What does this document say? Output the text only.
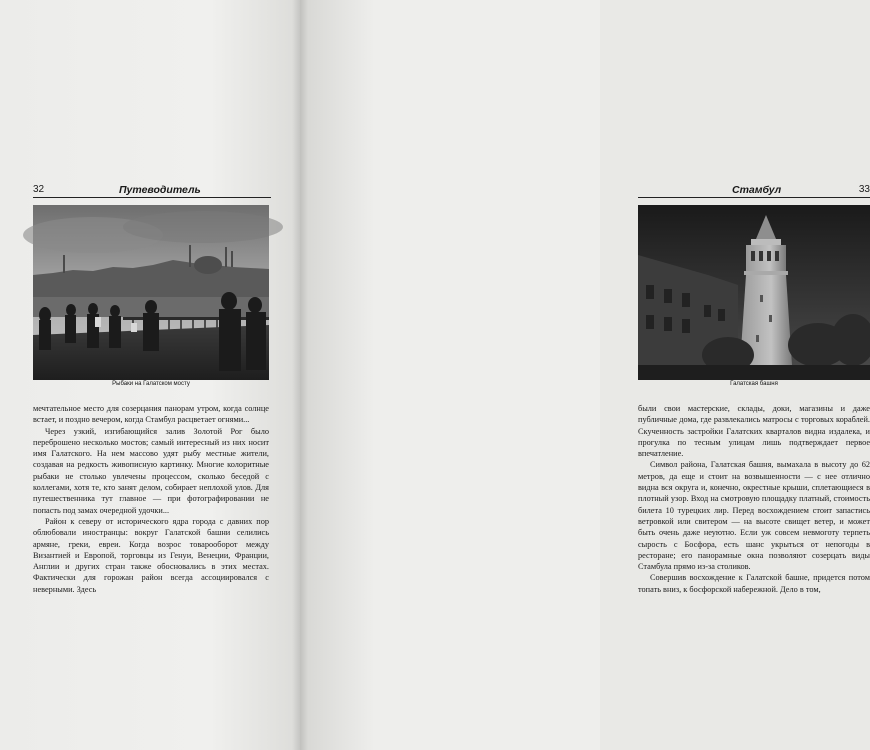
32	Путеводитель
Рыбаки на Галатском мосту

мечтательное место для созерцания панорам утром, когда солнце встает, и поздно вечером, когда Стамбул расцветает огнями...

Через узкий, изгибающийся залив Золотой Рог было переброшено несколько мостов; самый интересный из них носит имя Галатского. На нем массово удят рыбу местные жители, создавая на редкость живописную картинку. Многие колоритные рыбаки не столько увлечены процессом, сколько беседой с коллегами, хотя те, кто занят делом, собирает неплохой улов. Для путешественника тут главное — при фотографировании не попасть под замах очередной удочки...

Район к северу от исторического ядра города с давних пор облюбовали иностранцы: вокруг Галатской башни селились армяне, греки, евреи. Когда возрос товарооборот между Византией и Европой, торговцы из Генуи, Венеции, Франции, Англии и других стран также обосновались в этих местах. Фактически для горожан район всегда ассоциировался с неверными. Здесь

Стамбул	33
Галатская башня

были свои мастерские, склады, доки, магазины и даже публичные дома, где развлекались матросы с торговых кораблей. Скученность застройки Галатских кварталов видна издалека, и прогулка по тесным улицам лишь подтверждает первое впечатление.

Символ района, Галатская башня, вымахала в высоту до 62 метров, да еще и стоит на возвышенности — с нее отлично видна вся округа и, конечно, окрестные крыши, сплетающиеся в плотный узор. Вход на смотровую площадку платный, стоимость билета 10 турецких лир. Перед восхождением стоит запастись ветровкой или свитером — на высоте свищет ветер, и может быть очень даже неуютно. Если уж совсем невмоготу терпеть сырость с Босфора, есть шанс укрыться от непогоды в ресторане; его панорамные окна позволяют созерцать виды Стамбула прямо из-за столиков.

Совершив восхождение к Галатской башне, придется потом топать вниз, к босфорской набережной. Дело в том,
